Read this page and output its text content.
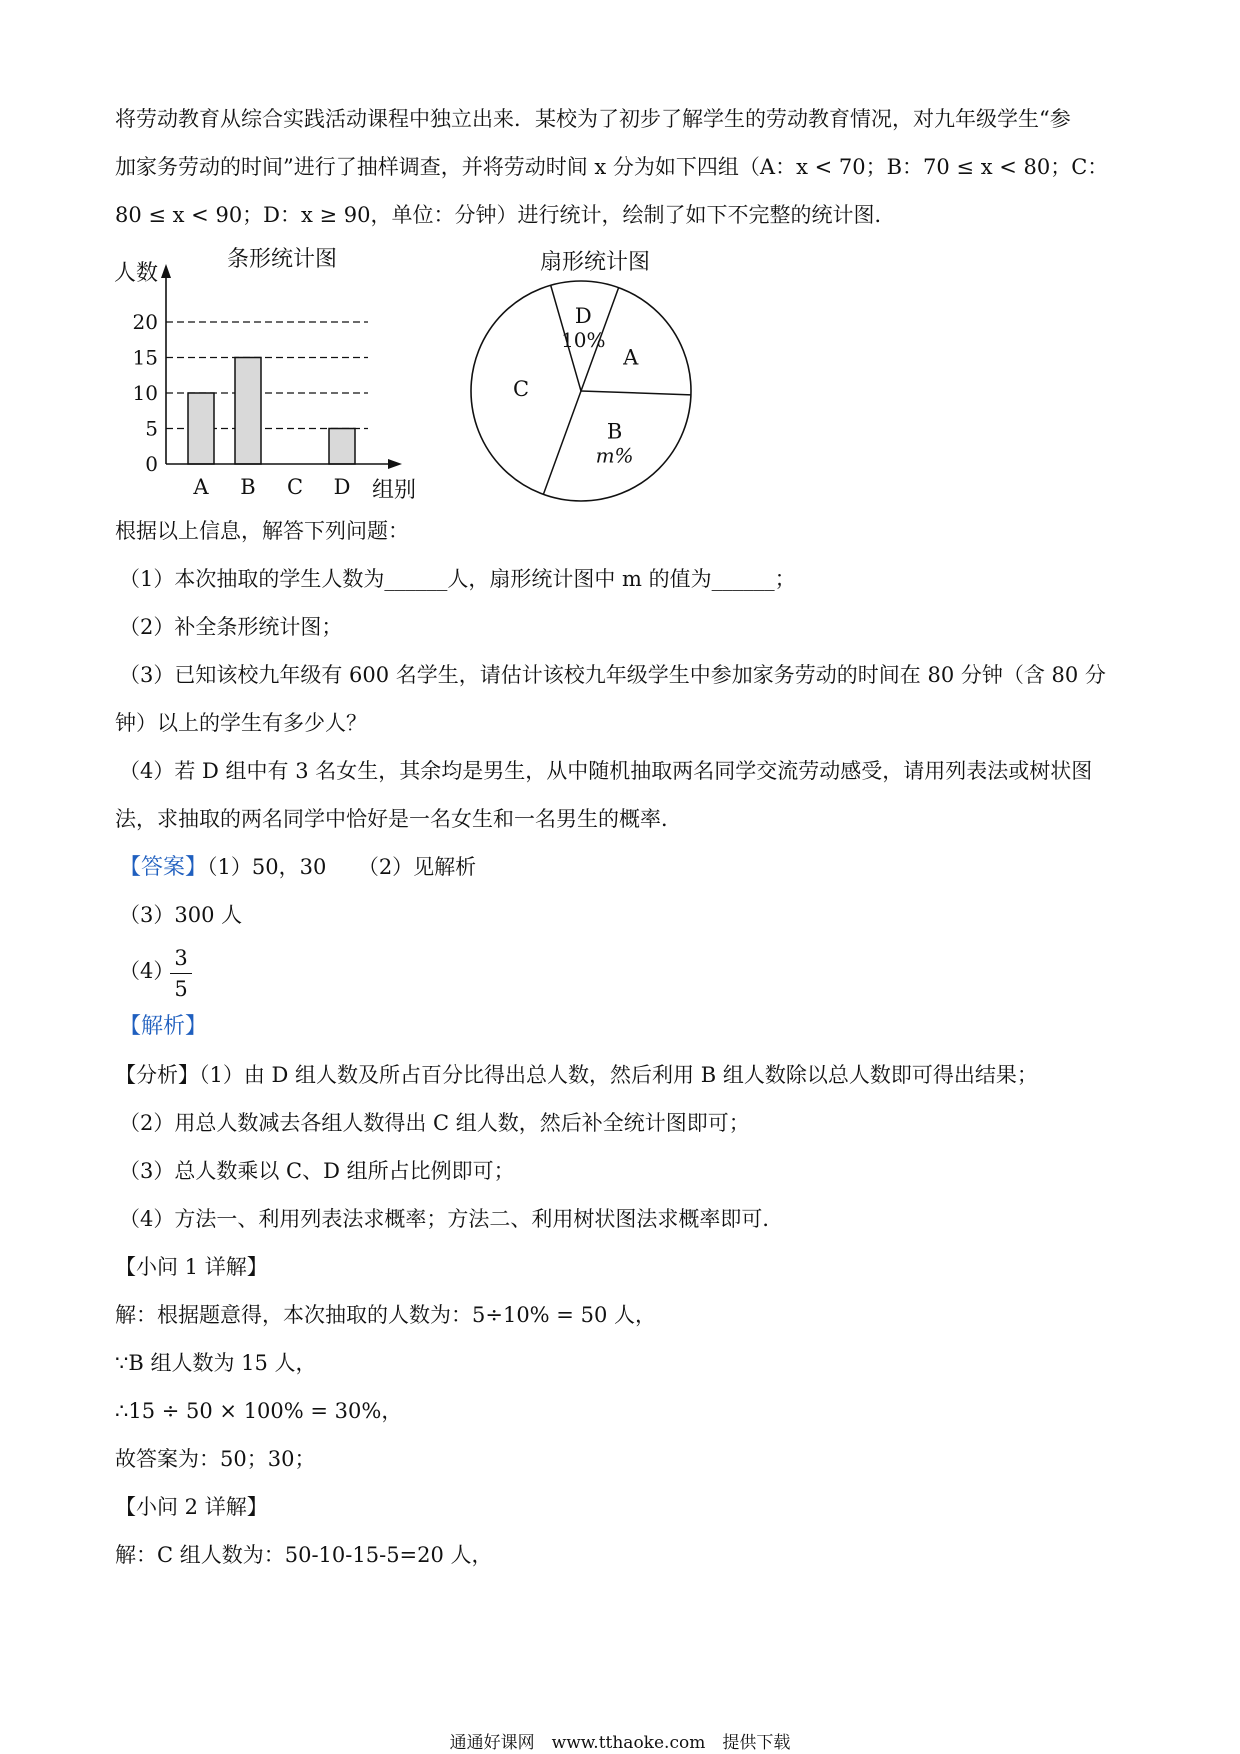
将劳动教育从综合实践活动课程中独立出来．某校为了初步了解学生的劳动教育情况，对九年级学生“参
加家务劳动的时间”进行了抽样调查，并将劳动时间 x 分为如下四组（A：x < 70；B：70 ≤ x < 80；C：
80 ≤ x < 90；D：x ≥ 90，单位：分钟）进行统计，绘制了如下不完整的统计图．
条形统计图
人数
组别
0
5
10
15
20
A B C D
扇形统计图
A
B
m%
C
D
10%
根据以上信息，解答下列问题：
（1）本次抽取的学生人数为______人，扇形统计图中 m 的值为______；
（2）补全条形统计图；
（3）已知该校九年级有 600 名学生，请估计该校九年级学生中参加家务劳动的时间在 80 分钟（含 80 分
钟）以上的学生有多少人？
（4）若 D 组中有 3 名女生，其余均是男生，从中随机抽取两名同学交流劳动感受，请用列表法或树状图
法，求抽取的两名同学中恰好是一名女生和一名男生的概率．
【答案】（1）50，30　　（2）见解析
（3）300 人
（4）
3
5
【解析】
【分析】（1）由 D 组人数及所占百分比得出总人数，然后利用 B 组人数除以总人数即可得出结果；
（2）用总人数减去各组人数得出 C 组人数，然后补全统计图即可；
（3）总人数乘以 C、D 组所占比例即可；
（4）方法一、利用列表法求概率；方法二、利用树状图法求概率即可．
【小问 1 详解】
解：根据题意得，本次抽取的人数为：5÷10% = 50 人，
∵B 组人数为 15 人，
∴15 ÷ 50 × 100% = 30%，
故答案为：50；30；
【小问 2 详解】
解：C 组人数为：50-10-15-5=20 人，
通通好课网　www.tthaoke.com　提供下载
